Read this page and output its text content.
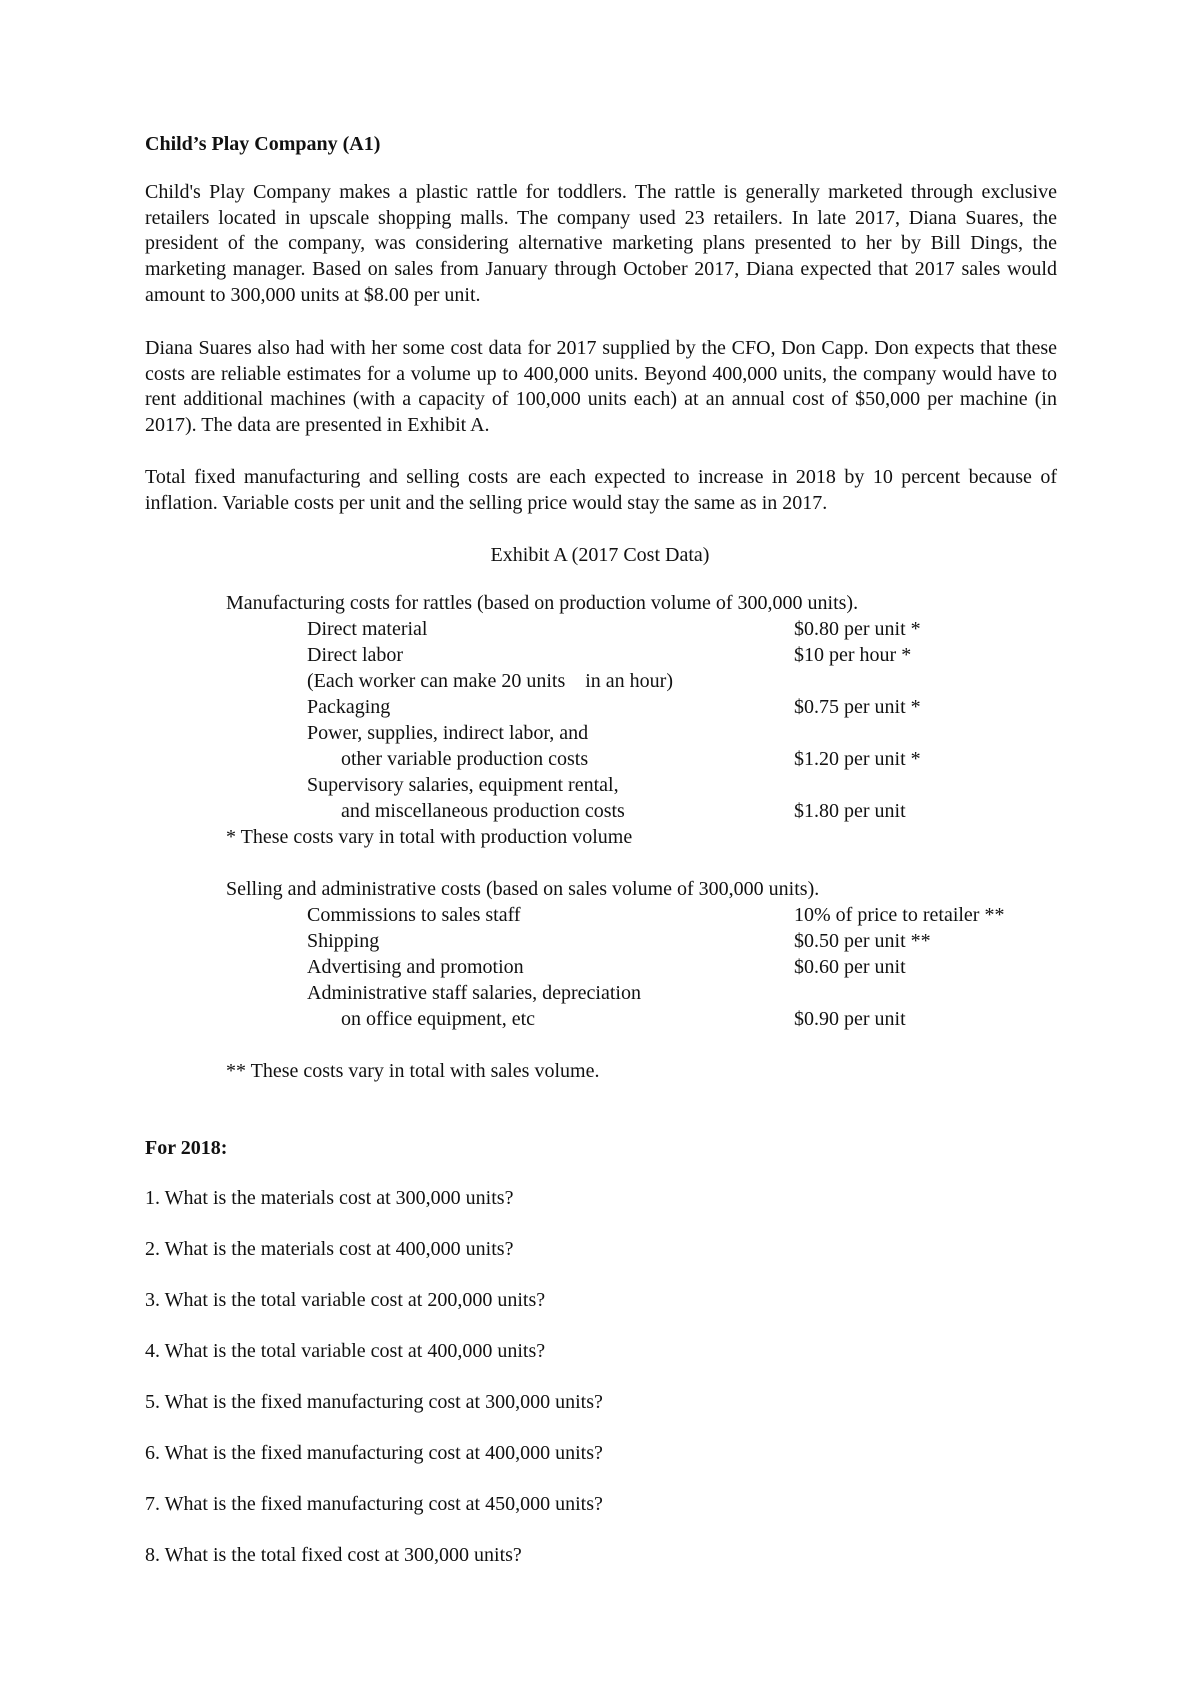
Child’s Play Company (A1)

Child's Play Company makes a plastic rattle for toddlers. The rattle is generally marketed through exclusive retailers located in upscale shopping malls. The company used 23 retailers. In late 2017, Diana Suares, the president of the company, was considering alternative marketing plans presented to her by Bill Dings, the marketing manager. Based on sales from January through October 2017, Diana expected that 2017 sales would amount to 300,000 units at $8.00 per unit.

Diana Suares also had with her some cost data for 2017 supplied by the CFO, Don Capp. Don expects that these costs are reliable estimates for a volume up to 400,000 units. Beyond 400,000 units, the company would have to rent additional machines (with a capacity of 100,000 units each) at an annual cost of $50,000 per machine (in 2017). The data are presented in Exhibit A.

Total fixed manufacturing and selling costs are each expected to increase in 2018 by 10 percent because of inflation. Variable costs per unit and the selling price would stay the same as in 2017.

Exhibit A (2017 Cost Data)
Manufacturing costs for rattles (based on production volume of 300,000 units).
Direct material	$0.80 per unit *
Direct labor	$10 per hour *
(Each worker can make 20 units    in an hour)
Packaging	$0.75 per unit *
Power, supplies, indirect labor, and
other variable production costs	$1.20 per unit *
Supervisory salaries, equipment rental,
and miscellaneous production costs	$1.80 per unit
* These costs vary in total with production volume
Selling and administrative costs (based on sales volume of 300,000 units).
Commissions to sales staff	10% of price to retailer **
Shipping	$0.50 per unit **
Advertising and promotion	$0.60 per unit
Administrative staff salaries, depreciation
on office equipment, etc	$0.90 per unit
** These costs vary in total with sales volume.
For 2018:
1. What is the materials cost at 300,000 units?
2. What is the materials cost at 400,000 units?
3. What is the total variable cost at 200,000 units?
4. What is the total variable cost at 400,000 units?
5. What is the fixed manufacturing cost at 300,000 units?
6. What is the fixed manufacturing cost at 400,000 units?
7. What is the fixed manufacturing cost at 450,000 units?
8. What is the total fixed cost at 300,000 units?
